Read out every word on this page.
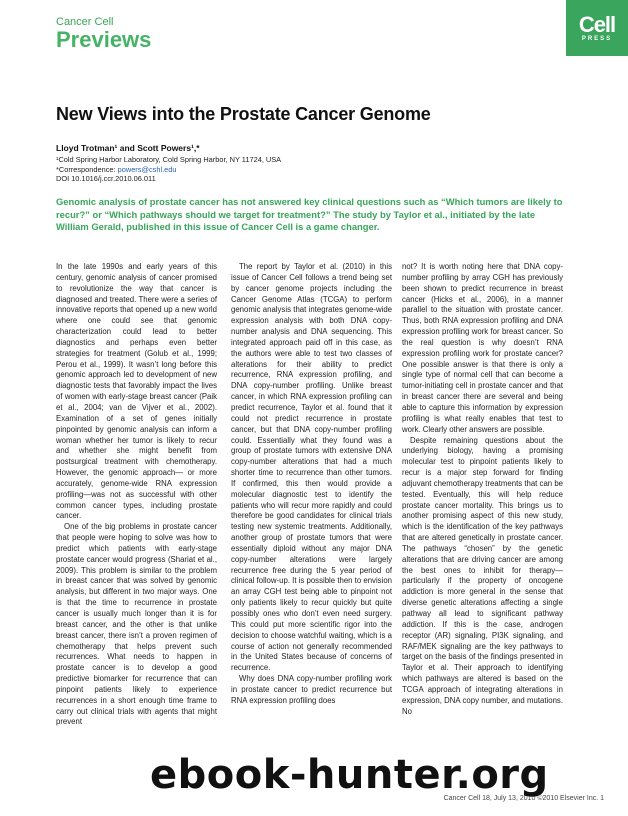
Cancer Cell
Previews
Cell
PRESS
New Views into the Prostate Cancer Genome
Lloyd Trotman¹ and Scott Powers¹,*
¹Cold Spring Harbor Laboratory, Cold Spring Harbor, NY 11724, USA
*Correspondence: powers@cshl.edu
DOI 10.1016/j.ccr.2010.06.011

Genomic analysis of prostate cancer has not answered key clinical questions such as “Which tumors are likely to recur?” or “Which pathways should we target for treatment?” The study by Taylor et al., initiated by the late William Gerald, published in this issue of Cancer Cell is a game changer.

In the late 1990s and early years of this century, genomic analysis of cancer promised to revolutionize the way that cancer is diagnosed and treated. There were a series of innovative reports that opened up a new world where one could see that genomic characterization could lead to better diagnostics and perhaps even better strategies for treatment (Golub et al., 1999; Perou et al., 1999). It wasn’t long before this genomic approach led to development of new diagnostic tests that favorably impact the lives of women with early-stage breast cancer (Paik et al., 2004; van de Vijver et al., 2002). Examination of a set of genes initially pinpointed by genomic analysis can inform a woman whether her tumor is likely to recur and whether she might benefit from postsurgical treatment with chemotherapy. However, the genomic approach— or more accurately, genome-wide RNA expression profiling—was not as successful with other common cancer types, including prostate cancer.

One of the big problems in prostate cancer that people were hoping to solve was how to predict which patients with early-stage prostate cancer would progress (Shariat et al., 2009). This problem is similar to the problem in breast cancer that was solved by genomic analysis, but different in two major ways. One is that the time to recurrence in prostate cancer is usually much longer than it is for breast cancer, and the other is that unlike breast cancer, there isn’t a proven regimen of chemotherapy that helps prevent such recurrences. What needs to happen in prostate cancer is to develop a good predictive biomarker for recurrence that can pinpoint patients likely to experience recurrences in a short enough time frame to carry out clinical trials with agents that might prevent

The report by Taylor et al. (2010) in this issue of Cancer Cell follows a trend being set by cancer genome projects including the Cancer Genome Atlas (TCGA) to perform genomic analysis that integrates genome-wide expression analysis with both DNA copy-number analysis and DNA sequencing. This integrated approach paid off in this case, as the authors were able to test two classes of alterations for their ability to predict recurrence, RNA expression profiling, and DNA copy-number profiling. Unlike breast cancer, in which RNA expression profiling can predict recurrence, Taylor et al. found that it could not predict recurrence in prostate cancer, but that DNA copy-number profiling could. Essentially what they found was a group of prostate tumors with extensive DNA copy-number alterations that had a much shorter time to recurrence than other tumors. If confirmed, this then would provide a molecular diagnostic test to identify the patients who will recur more rapidly and could therefore be good candidates for clinical trials testing new systemic treatments. Additionally, another group of prostate tumors that were essentially diploid without any major DNA copy-number alterations were largely recurrence free during the 5 year period of clinical follow-up. It is possible then to envision an array CGH test being able to pinpoint not only patients likely to recur quickly but quite possibly ones who don’t even need surgery. This could put more scientific rigor into the decision to choose watchful waiting, which is a course of action not generally recommended in the United States because of concerns of recurrence.

Why does DNA copy-number profiling work in prostate cancer to predict recurrence but RNA expression profiling does

not? It is worth noting here that DNA copy-number profiling by array CGH has previously been shown to predict recurrence in breast cancer (Hicks et al., 2006), in a manner parallel to the situation with prostate cancer. Thus, both RNA expression profiling and DNA expression profiling work for breast cancer. So the real question is why doesn’t RNA expression profiling work for prostate cancer? One possible answer is that there is only a single type of normal cell that can become a tumor-initiating cell in prostate cancer and that in breast cancer there are several and being able to capture this information by expression profiling is what really enables that test to work. Clearly other answers are possible.

Despite remaining questions about the underlying biology, having a promising molecular test to pinpoint patients likely to recur is a major step forward for finding adjuvant chemotherapy treatments that can be tested. Eventually, this will help reduce prostate cancer mortality. This brings us to another promising aspect of this new study, which is the identification of the key pathways that are altered genetically in prostate cancer. The pathways “chosen” by the genetic alterations that are driving cancer are among the best ones to inhibit for therapy—particularly if the property of oncogene addiction is more general in the sense that diverse genetic alterations affecting a single pathway all lead to significant pathway addiction. If this is the case, androgen receptor (AR) signaling, PI3K signaling, and RAF/MEK signaling are the key pathways to target on the basis of the findings presented in Taylor et al. Their approach to identifying which pathways are altered is based on the TCGA approach of integrating alterations in expression, DNA copy number, and mutations. No

Cancer Cell 18, July 13, 2010 ©2010 Elsevier Inc. 1
ebook-hunter.org
